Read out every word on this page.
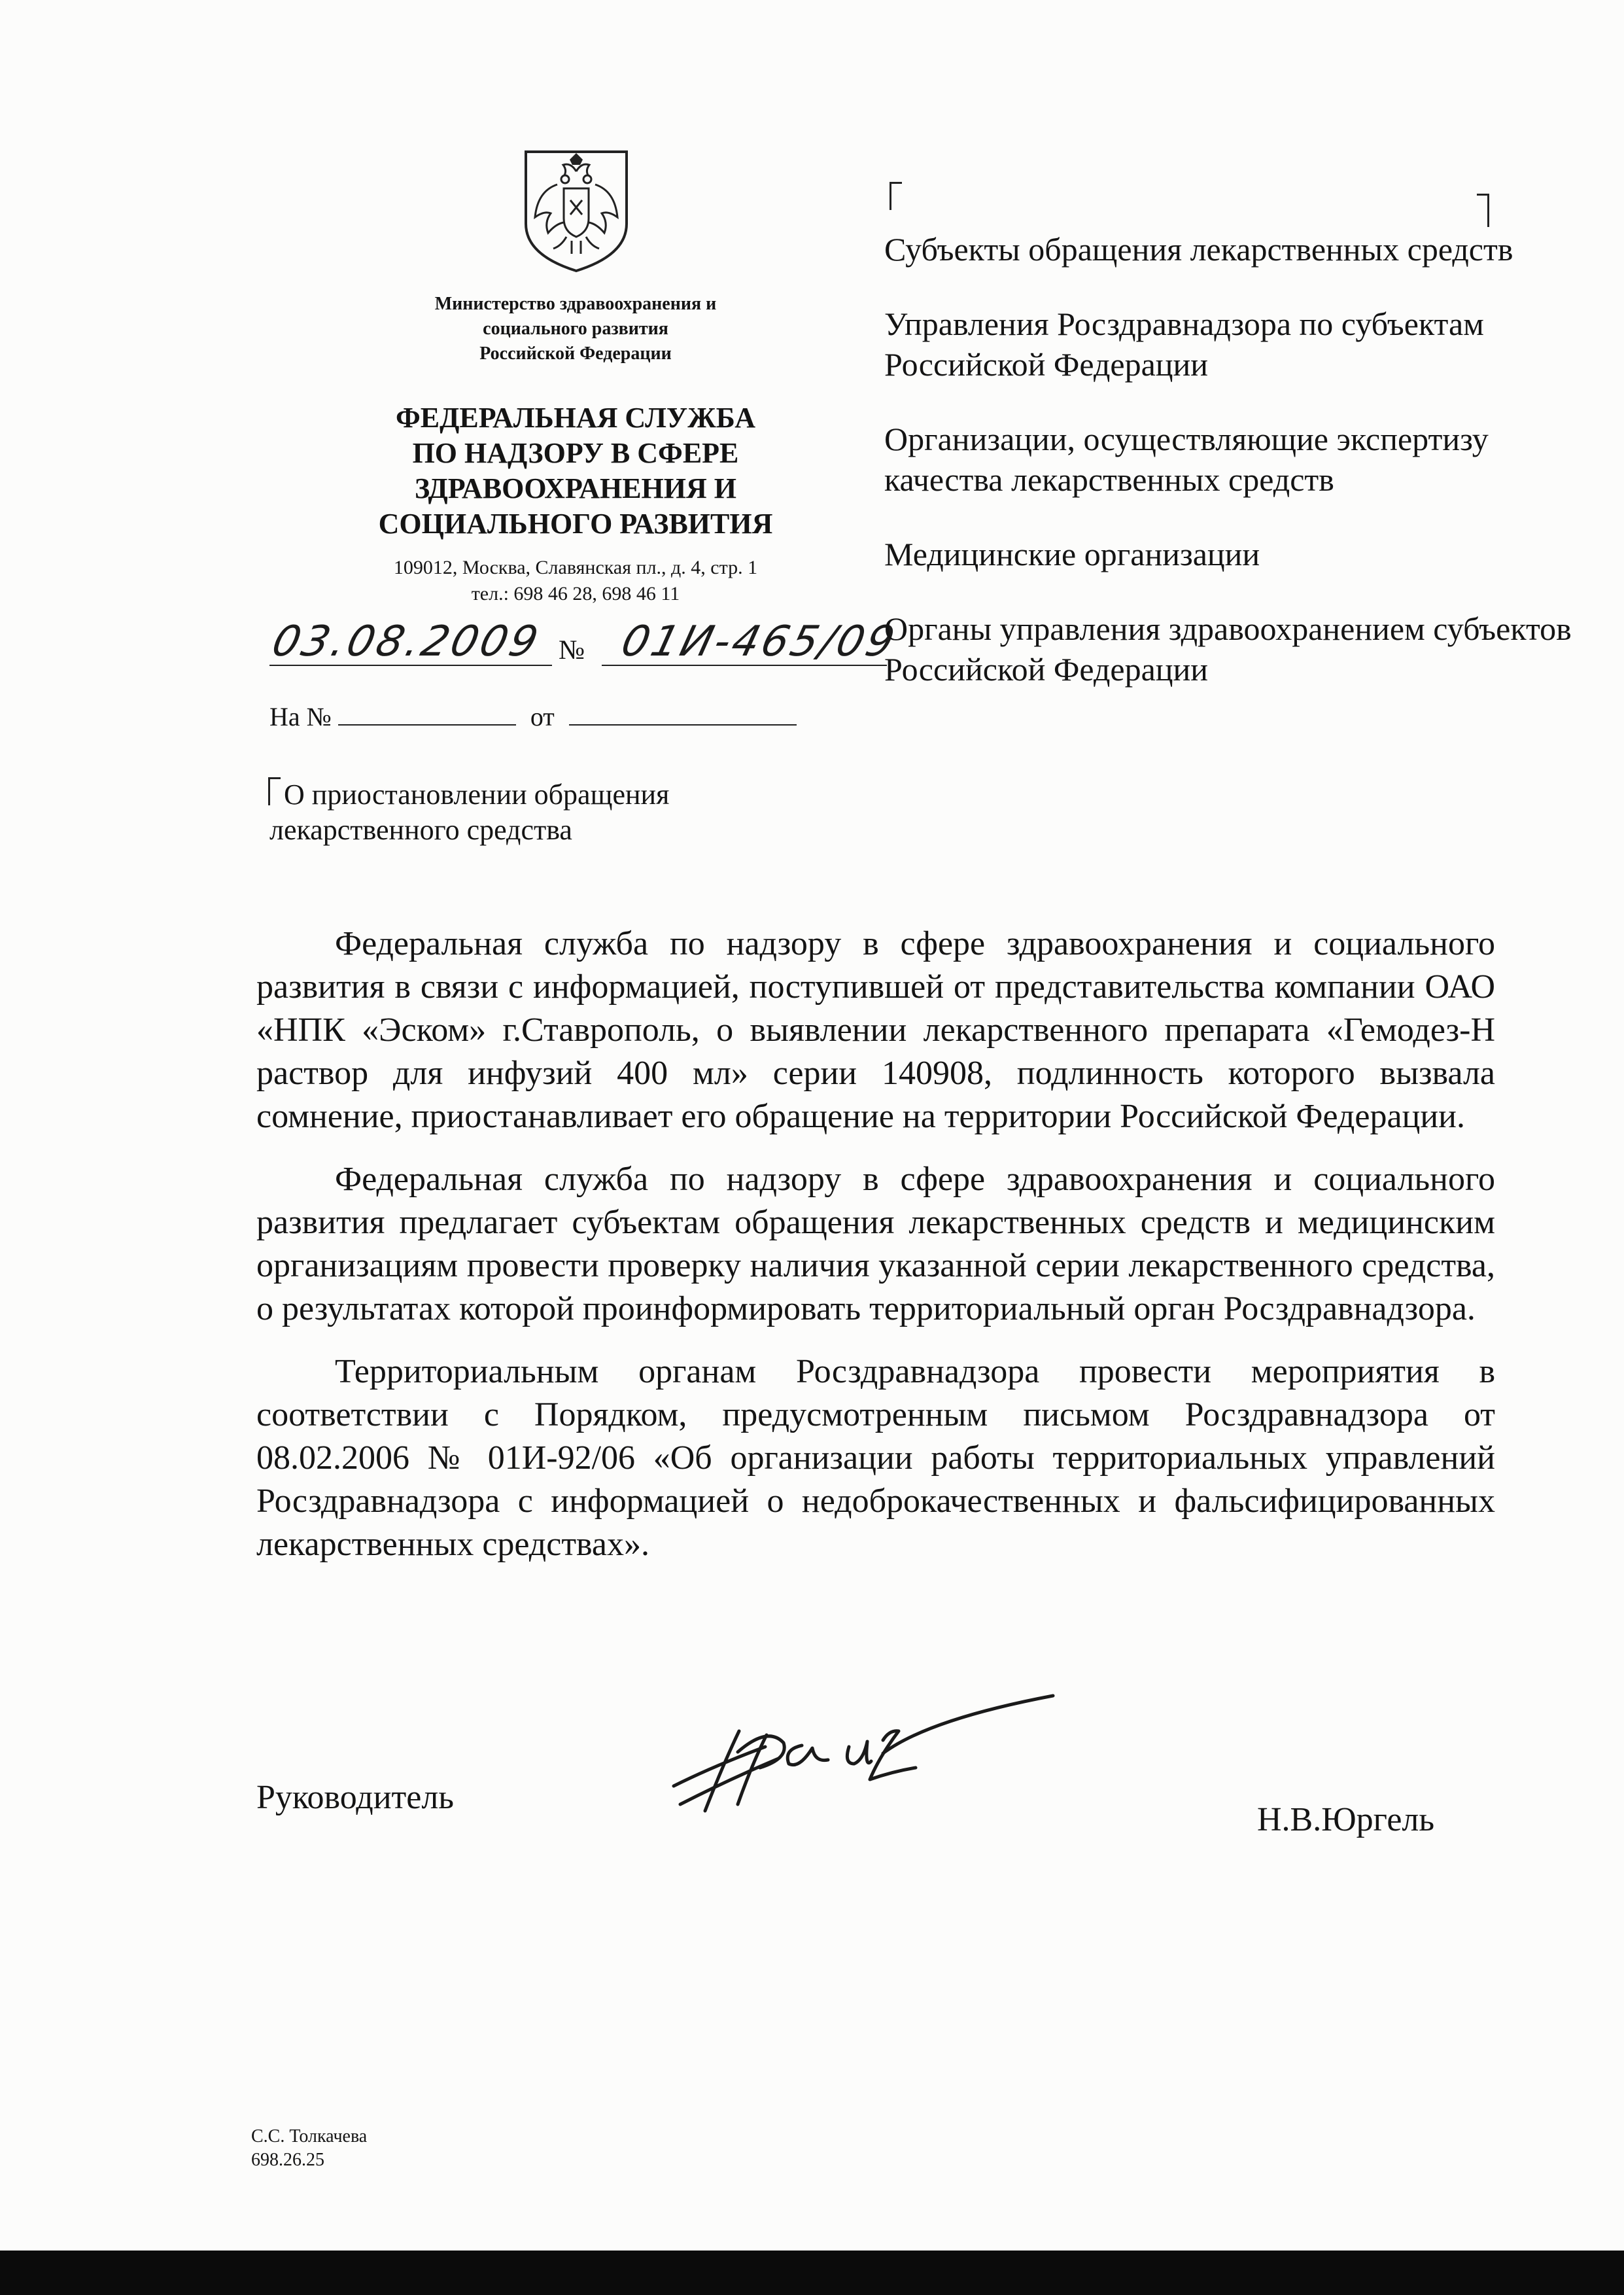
Министерство здравоохранения и
социального развития
Российской Федерации
ФЕДЕРАЛЬНАЯ СЛУЖБА
ПО НАДЗОРУ В СФЕРЕ
ЗДРАВООХРАНЕНИЯ И
СОЦИАЛЬНОГО РАЗВИТИЯ
109012, Москва, Славянская пл., д. 4, стр. 1
тел.: 698 46 28, 698 46 11
03.08.2009 № 01И-465/09
На №	от
О приостановлении обращения
лекарственного средства

Субъекты обращения лекарственных средств

Управления Росздравнадзора по субъектам Российской Федерации

Организации, осуществляющие экспертизу качества лекарственных средств

Медицинские организации

Органы управления здравоохранением субъектов Российской Федерации

Федеральная служба по надзору в сфере здравоохранения и социального развития в связи с информацией, поступившей от представительства компании ОАО «НПК «Эском» г.Ставрополь, о выявлении лекарственного препарата «Гемодез-Н раствор для инфузий 400 мл» серии 140908, подлинность которого вызвала сомнение, приостанавливает его обращение на территории Российской Федерации.

Федеральная служба по надзору в сфере здравоохранения и социального развития предлагает субъектам обращения лекарственных средств и медицинским организациям провести проверку наличия указанной серии лекарственного средства, о результатах которой проинформировать территориальный орган Росздравнадзора.

Территориальным органам Росздравнадзора провести мероприятия в соответствии с Порядком, предусмотренным письмом Росздравнадзора от 08.02.2006 № 01И-92/06 «Об организации работы территориальных управлений Росздравнадзора с информацией о недоброкачественных и фальсифицированных лекарственных средствах».

Руководитель
Н.В.Юргель
С.С. Толкачева
698.26.25
